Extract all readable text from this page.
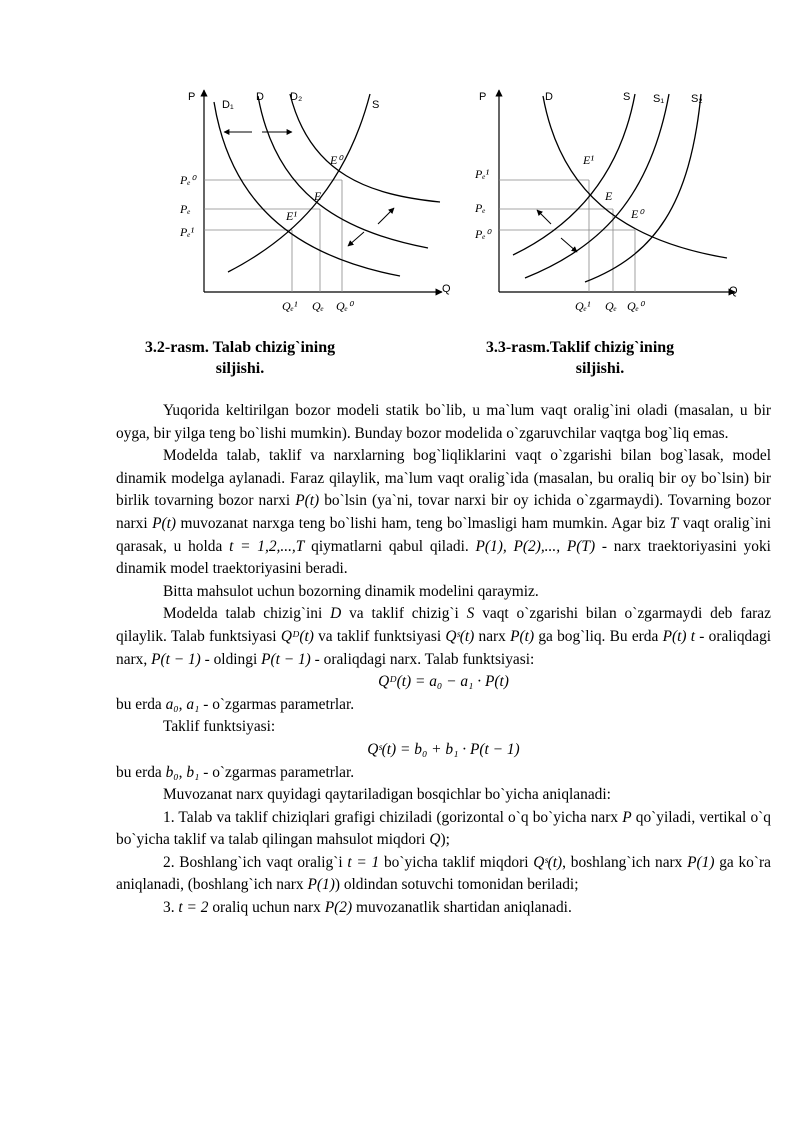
P
Q
D₁
D D₂
S
E⁰
E
E¹
Pₑ⁰
Pₑ
Pₑ¹
Qₑ¹ Qₑ Qₑ⁰
P
Q
D	S S₁ S₂
E¹
E
E⁰
Pₑ¹
Pₑ
Pₑ⁰
Qₑ¹ Qₑ Qₑ⁰
3.2-rasm. Talab chizig`ining
siljishi.
3.3-rasm.Taklif chizig`ining
siljishi.

Yuqorida keltirilgan bozor modeli statik bo`lib, u ma`lum vaqt oralig`ini oladi (masalan, u bir oyga, bir yilga teng bo`lishi mumkin). Bunday bozor modelida o`zgaruvchilar vaqtga bog`liq emas.

Modelda talab, taklif va narxlarning bog`liqliklarini vaqt o`zgarishi bilan bog`lasak, model dinamik modelga aylanadi. Faraz qilaylik, ma`lum vaqt oralig`ida (masalan, bu oraliq bir oy bo`lsin) bir birlik tovarning bozor narxi P(t) bo`lsin (ya`ni, tovar narxi bir oy ichida o`zgarmaydi). Tovarning bozor narxi P(t) muvozanat narxga teng bo`lishi ham, teng bo`lmasligi ham mumkin. Agar biz T vaqt oralig`ini qarasak, u holda t = 1,2,...,T qiymatlarni qabul qiladi. P(1), P(2),..., P(T) - narx traektoriyasini yoki dinamik model traektoriyasini beradi.

Bitta mahsulot uchun bozorning dinamik modelini qaraymiz.

Modelda talab chizig`ini D va taklif chizig`i S vaqt o`zgarishi bilan o`zgarmaydi deb faraz qilaylik. Talab funktsiyasi Qᴰ(t) va taklif funktsiyasi Qˢ(t) narx P(t) ga bog`liq. Bu erda P(t) t - oraliqdagi narx, P(t − 1) - oldingi P(t − 1) - oraliqdagi narx. Talab funktsiyasi:

Qᴰ(t) = a₀ − a₁ · P(t)

bu erda a₀, a₁ - o`zgarmas parametrlar.

Taklif funktsiyasi:

Qˢ(t) = b₀ + b₁ · P(t − 1)

bu erda b₀, b₁ - o`zgarmas parametrlar.

Muvozanat narx quyidagi qaytariladigan bosqichlar bo`yicha aniqlanadi:

1. Talab va taklif chiziqlari grafigi chiziladi (gorizontal o`q bo`yicha narx P qo`yiladi, vertikal o`q bo`yicha taklif va talab qilingan mahsulot miqdori Q);

2. Boshlang`ich vaqt oralig`i t = 1 bo`yicha taklif miqdori Qˢ(t), boshlang`ich narx P(1) ga ko`ra aniqlanadi, (boshlang`ich narx P(1)) oldindan sotuvchi tomonidan beriladi;

3. t = 2 oraliq uchun narx P(2) muvozanatlik shartidan aniqlanadi.
